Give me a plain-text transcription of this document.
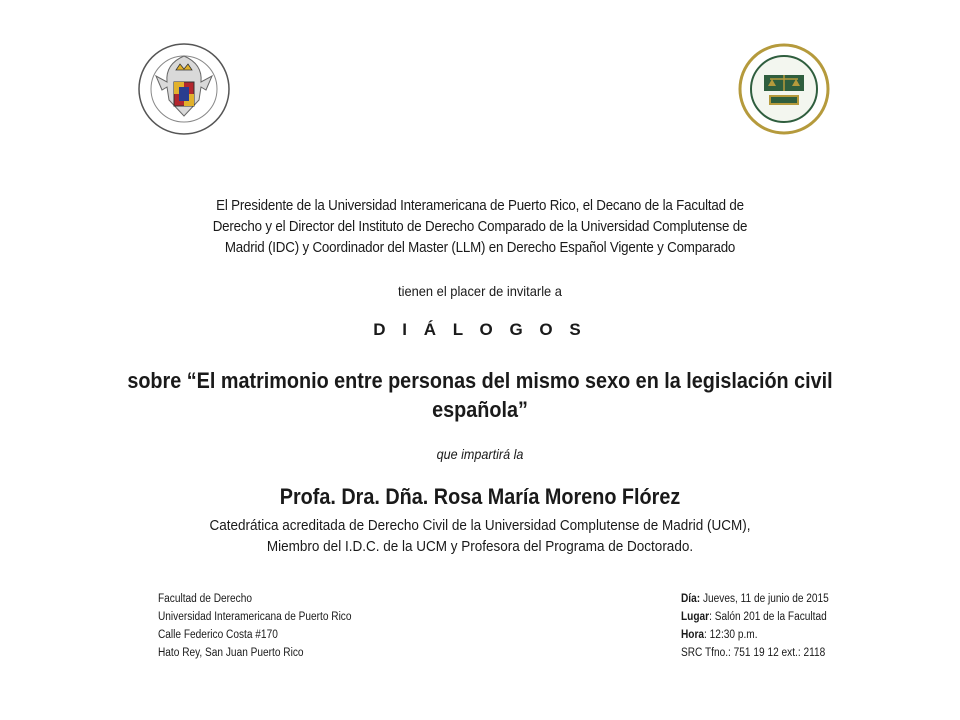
El Presidente de la Universidad Interamericana de Puerto Rico, el Decano de la Facultad de
Derecho y el Director del Instituto de Derecho Comparado de la Universidad Complutense de
Madrid (IDC) y Coordinador del Master (LLM) en Derecho Español Vigente y Comparado
tienen el placer de invitarle a
D I Á L O G O S
sobre “El matrimonio entre personas del mismo sexo en la legislación civil
española”
que impartirá la
Profa. Dra. Dña. Rosa María Moreno Flórez
Catedrática acreditada de Derecho Civil de la Universidad Complutense de Madrid (UCM),
Miembro del I.D.C. de la UCM y Profesora del Programa de Doctorado.
Facultad de Derecho
Universidad Interamericana de Puerto Rico
Calle Federico Costa #170
Hato Rey, San Juan Puerto Rico
Día: Jueves, 11 de junio de 2015
Lugar: Salón 201 de la Facultad
Hora: 12:30 p.m.
SRC Tfno.: 751 19 12 ext.: 2118
